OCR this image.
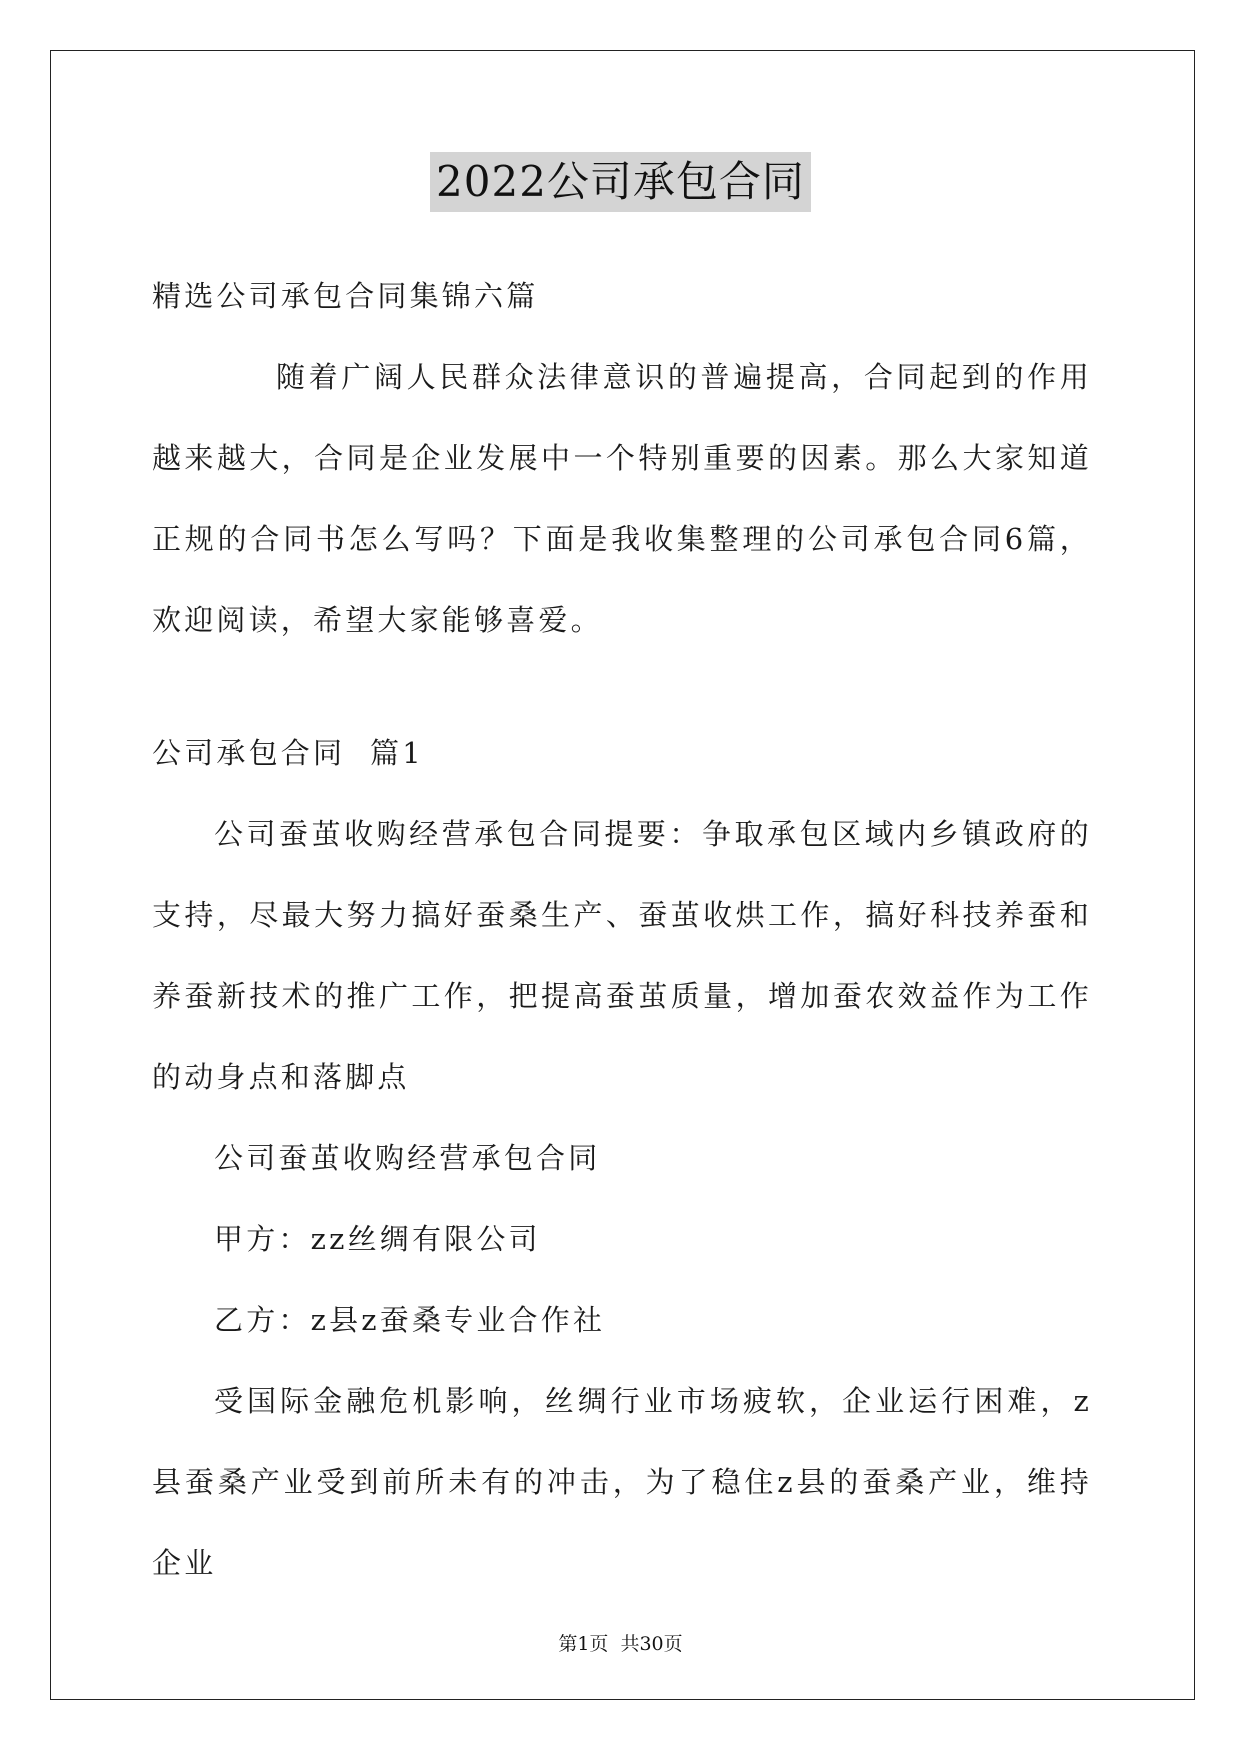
2022公司承包合同
精选公司承包合同集锦六篇

随着广阔人民群众法律意识的普遍提高，合同起到的作用越来越大，合同是企业发展中一个特别重要的因素。那么大家知道正规的合同书怎么写吗？下面是我收集整理的公司承包合同6篇，欢迎阅读，希望大家能够喜爱。

公司承包合同  篇1

公司蚕茧收购经营承包合同提要：争取承包区域内乡镇政府的支持，尽最大努力搞好蚕桑生产、蚕茧收烘工作，搞好科技养蚕和养蚕新技术的推广工作，把提高蚕茧质量，增加蚕农效益作为工作的动身点和落脚点

公司蚕茧收购经营承包合同
甲方：zz丝绸有限公司
乙方：z县z蚕桑专业合作社

受国际金融危机影响，丝绸行业市场疲软，企业运行困难，z县蚕桑产业受到前所未有的冲击，为了稳住z县的蚕桑产业，维持企业

第1页 共30页
